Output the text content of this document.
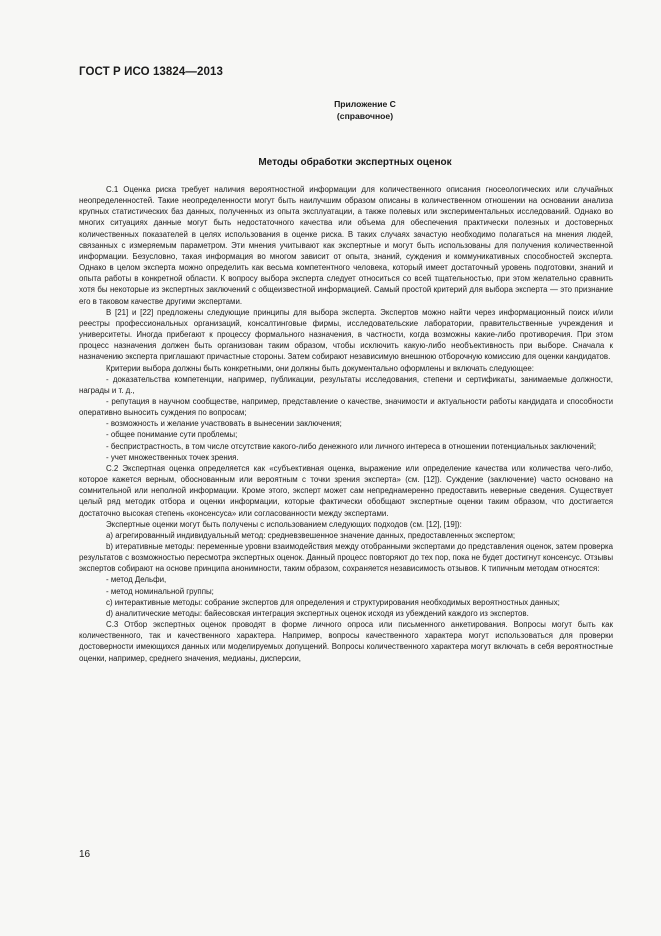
ГОСТ Р ИСО 13824—2013
Приложение С
(справочное)
Методы обработки экспертных оценок

С.1 Оценка риска требует наличия вероятностной информации для количественного описания гносеологических или случайных неопределенностей. Такие неопределенности могут быть наилучшим образом описаны в количественном отношении на основании анализа крупных статистических баз данных, полученных из опыта эксплуатации, а также полевых или экспериментальных исследований. Однако во многих ситуациях данные могут быть недостаточного качества или объема для обеспечения практически полезных и достоверных количественных показателей в целях использования в оценке риска. В таких случаях зачастую необходимо полагаться на мнения людей, связанных с измеряемым параметром. Эти мнения учитывают как экспертные и могут быть использованы для получения количественной информации. Безусловно, такая информация во многом зависит от опыта, знаний, суждения и коммуникативных способностей эксперта. Однако в целом эксперта можно определить как весьма компетентного человека, который имеет достаточный уровень подготовки, знаний и опыта работы в конкретной области. К вопросу выбора эксперта следует относиться со всей тщательностью, при этом желательно сравнить хотя бы некоторые из экспертных заключений с общеизвестной информацией. Самый простой критерий для выбора эксперта — это признание его в таковом качестве другими экспертами.

В [21] и [22] предложены следующие принципы для выбора эксперта. Экспертов можно найти через информационный поиск и/или реестры профессиональных организаций, консалтинговые фирмы, исследовательские лаборатории, правительственные учреждения и университеты. Иногда прибегают к процессу формального назначения, в частности, когда возможны какие-либо противоречия. При этом процесс назначения должен быть организован таким образом, чтобы исключить какую-либо необъективность при выборе. Сначала к назначению эксперта приглашают причастные стороны. Затем собирают независимую внешнюю отборочную комиссию для оценки кандидатов.

Критерии выбора должны быть конкретными, они должны быть документально оформлены и включать следующее:

- доказательства компетенции, например, публикации, результаты исследования, степени и сертификаты, занимаемые должности, награды и т. д.,

- репутация в научном сообществе, например, представление о качестве, значимости и актуальности работы кандидата и способности оперативно выносить суждения по вопросам;

- возможность и желание участвовать в вынесении заключения;

- общее понимание сути проблемы;

- беспристрастность, в том числе отсутствие какого-либо денежного или личного интереса в отношении потенциальных заключений;

- учет множественных точек зрения.

С.2 Экспертная оценка определяется как «субъективная оценка, выражение или определение качества или количества чего-либо, которое кажется верным, обоснованным или вероятным с точки зрения эксперта» (см. [12]). Суждение (заключение) часто основано на сомнительной или неполной информации. Кроме этого, эксперт может сам непреднамеренно предоставить неверные сведения. Существует целый ряд методик отбора и оценки информации, которые фактически обобщают экспертные оценки таким образом, что достигается достаточно высокая степень «консенсуса» или согласованности между экспертами.

Экспертные оценки могут быть получены с использованием следующих подходов (см. [12], [19]):

a) агрегированный индивидуальный метод: средневзвешенное значение данных, предоставленных экспертом;

b) итеративные методы: переменные уровни взаимодействия между отобранными экспертами до представления оценок, затем проверка результатов с возможностью пересмотра экспертных оценок. Данный процесс повторяют до тех пор, пока не будет достигнут консенсус. Отзывы экспертов собирают на основе принципа анонимности, таким образом, сохраняется независимость отзывов. К типичным методам относятся:

- метод Дельфи,

- метод номинальной группы;

c) интерактивные методы: собрание экспертов для определения и структурирования необходимых вероятностных данных;

d) аналитические методы: байесовская интеграция экспертных оценок исходя из убеждений каждого из экспертов.

С.3 Отбор экспертных оценок проводят в форме личного опроса или письменного анкетирования. Вопросы могут быть как количественного, так и качественного характера. Например, вопросы качественного характера могут использоваться для проверки достоверности имеющихся данных или моделируемых допущений. Вопросы количественного характера могут включать в себя вероятностные оценки, например, среднего значения, медианы, дисперсии,

16
